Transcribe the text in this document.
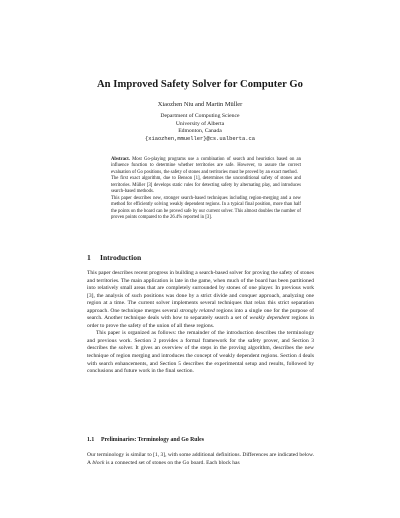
An Improved Safety Solver for Computer Go
Xiaozhen Niu and Martin Müller
Department of Computing Science
University of Alberta
Edmonton, Canada
{xiaozhen,mmueller}@cs.ualberta.ca

Abstract. Most Go-playing programs use a combination of search and heuristics based on an influence function to determine whether territories are safe. However, to assure the correct evaluation of Go positions, the safety of stones and territories must be proved by an exact method.

The first exact algorithm, due to Benson [1], determines the unconditional safety of stones and territories. Müller [3] develops static rules for detecting safety by alternating play, and introduces search-based methods.

This paper describes new, stronger search-based techniques including region-merging and a new method for efficiently solving weakly dependent regions. In a typical final position, more than half the points on the board can be proved safe by our current solver. This almost doubles the number of proven points compared to the 26.4% reported in [3].

1 Introduction

This paper describes recent progress in building a search-based solver for proving the safety of stones and territories. The main application is late in the game, when much of the board has been partitioned into relatively small areas that are completely surrounded by stones of one player. In previous work [3], the analysis of such positions was done by a strict divide and conquer approach, analyzing one region at a time. The current solver implements several techniques that relax this strict separation approach. One technique merges several strongly related regions into a single one for the purpose of search. Another technique deals with how to separately search a set of weakly dependent regions in order to prove the safety of the union of all these regions.

This paper is organized as follows: the remainder of the introduction describes the terminology and previous work. Section 2 provides a formal framework for the safety prover, and Section 3 describes the solver. It gives an overview of the steps in the proving algorithm, describes the new technique of region merging and introduces the concept of weakly dependent regions. Section 4 deals with search enhancements, and Section 5 describes the experimental setup and results, followed by conclusions and future work in the final section.

1.1 Preliminaries: Terminology and Go Rules

Our terminology is similar to [1, 3], with some additional definitions. Differences are indicated below. A block is a connected set of stones on the Go board. Each block has
